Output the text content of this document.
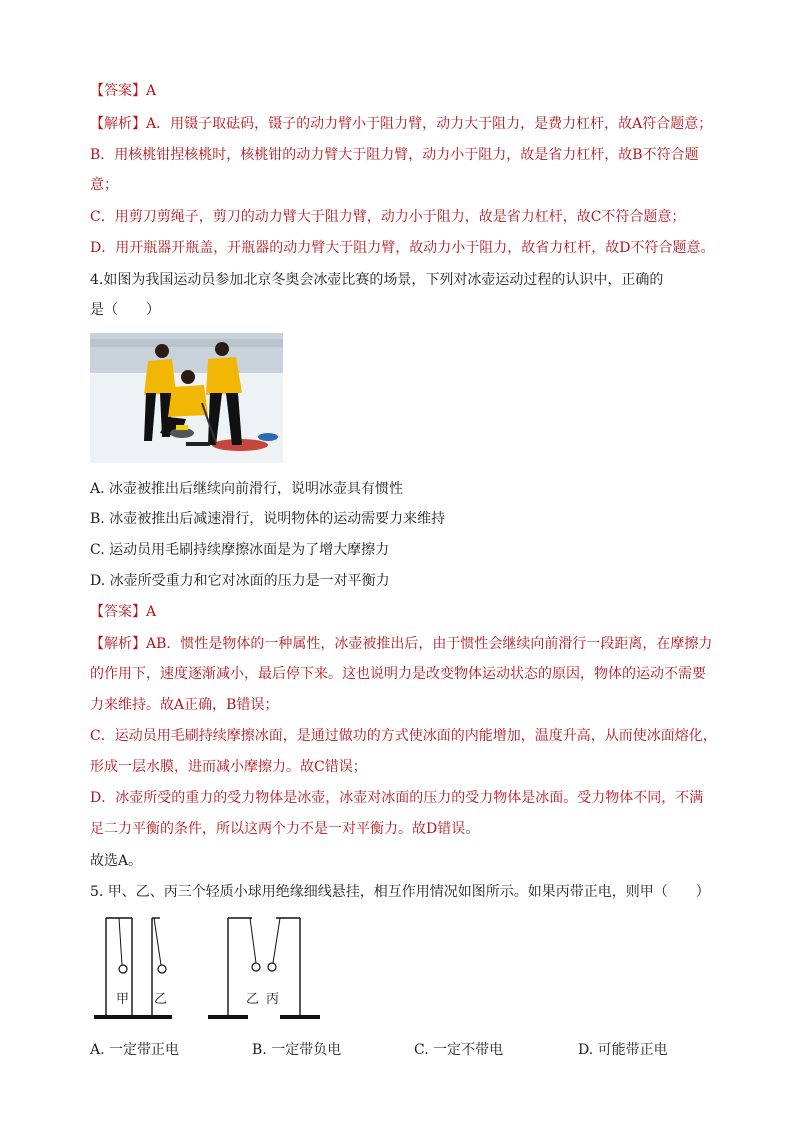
【答案】A
【解析】A．用镊子取砝码，镊子的动力臂小于阻力臂，动力大于阻力，是费力杠杆，故A符合题意；
B．用核桃钳捏核桃时，核桃钳的动力臂大于阻力臂，动力小于阻力，故是省力杠杆，故B不符合题
意；
C．用剪刀剪绳子，剪刀的动力臂大于阻力臂，动力小于阻力，故是省力杠杆，故C不符合题意；
D．用开瓶器开瓶盖，开瓶器的动力臂大于阻力臂，故动力小于阻力，故省力杠杆，故D不符合题意。
4.如图为我国运动员参加北京冬奥会冰壶比赛的场景，下列对冰壶运动过程的认识中，正确的
是（　　）
A. 冰壶被推出后继续向前滑行，说明冰壶具有惯性
B. 冰壶被推出后减速滑行，说明物体的运动需要力来维持
C. 运动员用毛刷持续摩擦冰面是为了增大摩擦力
D. 冰壶所受重力和它对冰面的压力是一对平衡力
【答案】A
【解析】AB．惯性是物体的一种属性，冰壶被推出后，由于惯性会继续向前滑行一段距离，在摩擦力
的作用下，速度逐渐减小，最后停下来。这也说明力是改变物体运动状态的原因，物体的运动不需要
力来维持。故A正确，B错误；
C．运动员用毛刷持续摩擦冰面，是通过做功的方式使冰面的内能增加，温度升高，从而使冰面熔化，
形成一层水膜，进而减小摩擦力。故C错误；
D．冰壶所受的重力的受力物体是冰壶，冰壶对冰面的压力的受力物体是冰面。受力物体不同，不满
足二力平衡的条件，所以这两个力不是一对平衡力。故D错误。
故选A。
5. 甲、乙、丙三个轻质小球用绝缘细线悬挂，相互作用情况如图所示。如果丙带正电，则甲（　　）
甲 乙	乙 丙
A. 一定带正电	B. 一定带负电	C. 一定不带电	D. 可能带正电
